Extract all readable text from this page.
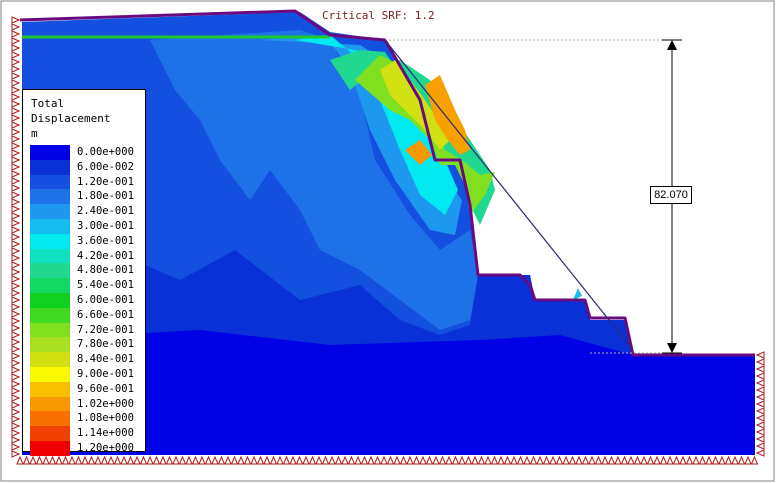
Critical SRF: 1.2
82.070
Total
Displacement
m
0.00e+000
6.00e-002
1.20e-001
1.80e-001
2.40e-001
3.00e-001
3.60e-001
4.20e-001
4.80e-001
5.40e-001
6.00e-001
6.60e-001
7.20e-001
7.80e-001
8.40e-001
9.00e-001
9.60e-001
1.02e+000
1.08e+000
1.14e+000
1.20e+000
